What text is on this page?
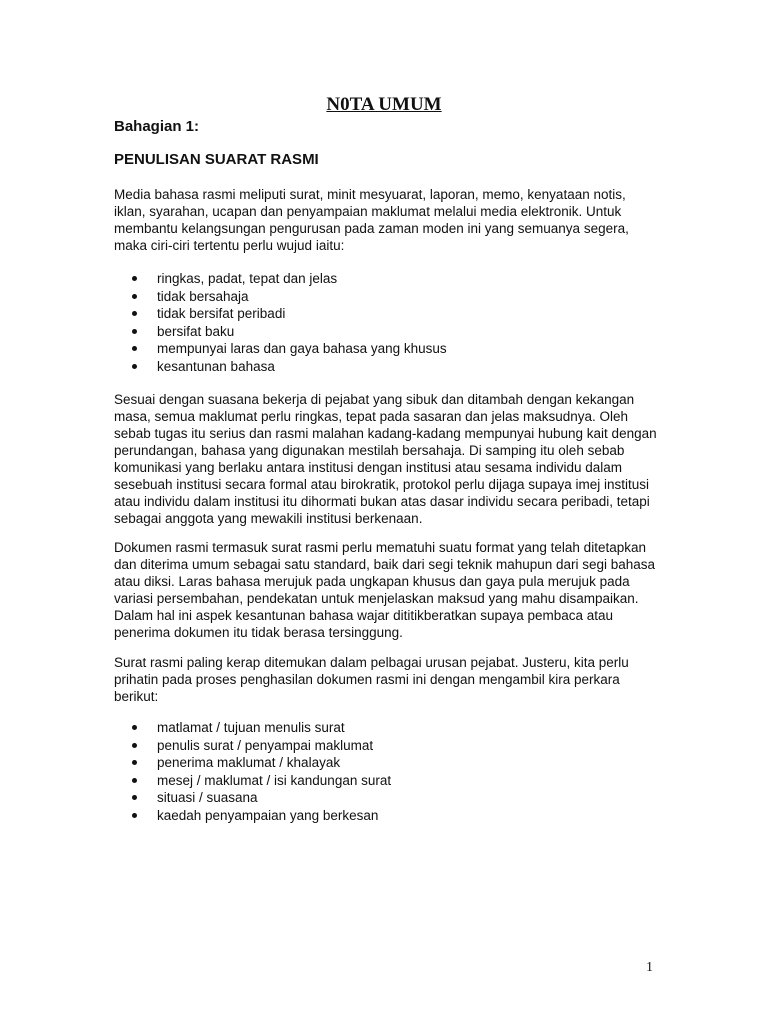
N0TA UMUM
Bahagian 1:
PENULISAN SUARAT RASMI

Media bahasa rasmi meliputi surat, minit mesyuarat, laporan, memo, kenyataan notis, iklan, syarahan, ucapan dan penyampaian maklumat melalui media elektronik. Untuk membantu kelangsungan pengurusan pada zaman moden ini yang semuanya segera, maka ciri-ciri tertentu perlu wujud iaitu:

ringkas, padat, tepat dan jelas
tidak bersahaja
tidak bersifat peribadi
bersifat baku
mempunyai laras dan gaya bahasa yang khusus
kesantunan bahasa

Sesuai dengan suasana bekerja di pejabat yang sibuk dan ditambah dengan kekangan masa, semua maklumat perlu ringkas, tepat pada sasaran dan jelas maksudnya. Oleh sebab tugas itu serius dan rasmi malahan kadang-kadang mempunyai hubung kait dengan perundangan, bahasa yang digunakan mestilah bersahaja. Di samping itu oleh sebab komunikasi yang berlaku antara institusi dengan institusi atau sesama individu dalam sesebuah institusi secara formal atau birokratik, protokol perlu dijaga supaya imej institusi atau individu dalam institusi itu dihormati bukan atas dasar individu secara peribadi, tetapi sebagai anggota yang mewakili institusi berkenaan.

Dokumen rasmi termasuk surat rasmi perlu mematuhi suatu format yang telah ditetapkan dan diterima umum sebagai satu standard, baik dari segi teknik mahupun dari segi bahasa atau diksi. Laras bahasa merujuk pada ungkapan khusus dan gaya pula merujuk pada variasi persembahan, pendekatan untuk menjelaskan maksud yang mahu disampaikan. Dalam hal ini aspek kesantunan bahasa wajar dititikberatkan supaya pembaca atau penerima dokumen itu tidak berasa tersinggung.

Surat rasmi paling kerap ditemukan dalam pelbagai urusan pejabat. Justeru, kita perlu prihatin pada proses penghasilan dokumen rasmi ini dengan mengambil kira perkara berikut:

matlamat / tujuan menulis surat
penulis surat / penyampai maklumat
penerima maklumat / khalayak
mesej / maklumat / isi kandungan surat
situasi / suasana
kaedah penyampaian yang berkesan
1
